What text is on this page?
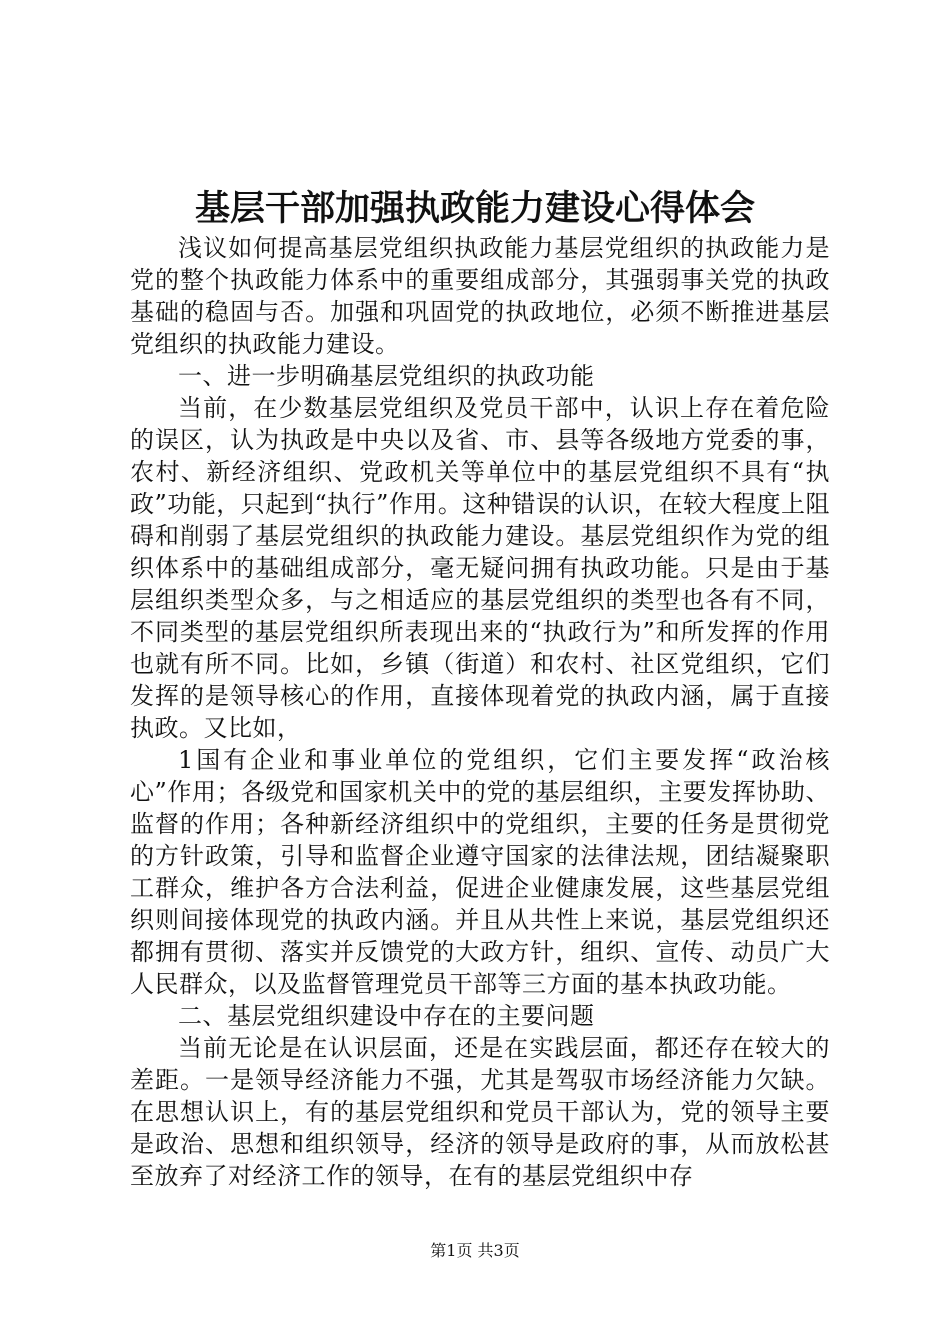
基层干部加强执政能力建设心得体会

浅议如何提高基层党组织执政能力基层党组织的执政能力是党的整个执政能力体系中的重要组成部分，其强弱事关党的执政基础的稳固与否。加强和巩固党的执政地位，必须不断推进基层党组织的执政能力建设。

一、进一步明确基层党组织的执政功能

当前，在少数基层党组织及党员干部中，认识上存在着危险的误区，认为执政是中央以及省、市、县等各级地方党委的事，农村、新经济组织、党政机关等单位中的基层党组织不具有“执政”功能，只起到“执行”作用。这种错误的认识，在较大程度上阻碍和削弱了基层党组织的执政能力建设。基层党组织作为党的组织体系中的基础组成部分，毫无疑问拥有执政功能。只是由于基层组织类型众多，与之相适应的基层党组织的类型也各有不同，不同类型的基层党组织所表现出来的“执政行为”和所发挥的作用也就有所不同。比如，乡镇（街道）和农村、社区党组织，它们发挥的是领导核心的作用，直接体现着党的执政内涵，属于直接执政。又比如，

1国有企业和事业单位的党组织，它们主要发挥“政治核心”作用；各级党和国家机关中的党的基层组织，主要发挥协助、监督的作用；各种新经济组织中的党组织，主要的任务是贯彻党的方针政策，引导和监督企业遵守国家的法律法规，团结凝聚职工群众，维护各方合法利益，促进企业健康发展，这些基层党组织则间接体现党的执政内涵。并且从共性上来说，基层党组织还都拥有贯彻、落实并反馈党的大政方针，组织、宣传、动员广大人民群众，以及监督管理党员干部等三方面的基本执政功能。

二、基层党组织建设中存在的主要问题

当前无论是在认识层面，还是在实践层面，都还存在较大的差距。一是领导经济能力不强，尤其是驾驭市场经济能力欠缺。在思想认识上，有的基层党组织和党员干部认为，党的领导主要是政治、思想和组织领导，经济的领导是政府的事，从而放松甚至放弃了对经济工作的领导，在有的基层党组织中存

第1页 共3页
